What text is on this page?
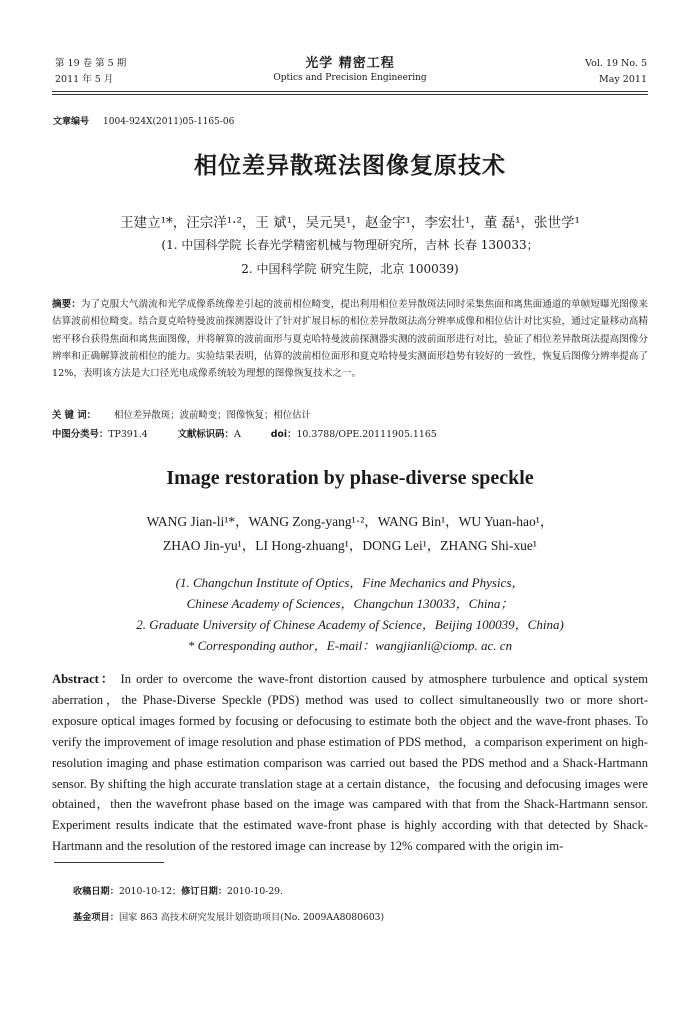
第 19 卷 第 5 期
2011 年 5 月
光学 精密工程
Optics and Precision Engineering
Vol. 19 No. 5
May 2011
文章编号 1004-924X(2011)05-1165-06
相位差异散斑法图像复原技术
王建立¹*，汪宗洋¹·²，王 斌¹，吴元昊¹，赵金宇¹，李宏壮¹，董 磊¹，张世学¹
(1. 中国科学院 长春光学精密机械与物理研究所，吉林 长春 130033；
2. 中国科学院 研究生院，北京 100039)
摘要：为了克服大气湍流和光学成像系统像差引起的波前相位畸变，提出利用相位差异散斑法同时采集焦面和离焦面通道的单帧短曝光图像来估算波前相位畸变。结合夏克哈特曼波前探测器设计了针对扩展目标的相位差异散斑法高分辨率成像和相位估计对比实验，通过定量移动高精密平移台获得焦面和离焦面图像，并将解算的波前面形与夏克哈特曼波前探测器实测的波前面形进行对比，验证了相位差异散斑法提高图像分辨率和正确解算波前相位的能力。实验结果表明，估算的波前相位面形和夏克哈特曼实测面形趋势有较好的一致性，恢复后图像分辨率提高了 12%，表明该方法是大口径光电成像系统较为理想的图像恢复技术之一。
关 键 词： 相位差异散斑；波前畸变；图像恢复；相位估计
中图分类号：TP391.4	文献标识码：A	doi：10.3788/OPE.20111905.1165
Image restoration by phase-diverse speckle
WANG Jian-li¹*，WANG Zong-yang¹·²，WANG Bin¹，WU Yuan-hao¹，
ZHAO Jin-yu¹，LI Hong-zhuang¹，DONG Lei¹，ZHANG Shi-xue¹
(1. Changchun Institute of Optics，Fine Mechanics and Physics，
Chinese Academy of Sciences，Changchun 130033，China；
2. Graduate University of Chinese Academy of Science，Beijing 100039，China)
* Corresponding author，E-mail：wangjianli@ciomp. ac. cn
Abstract： In order to overcome the wave-front distortion caused by atmosphere turbulence and optical system aberration，the Phase-Diverse Speckle (PDS) method was used to collect simultaneouslly two or more short-exposure optical images formed by focusing or defocusing to estimate both the object and the wave-front phases. To verify the improvement of image resolution and phase estimation of PDS method，a comparison experiment on high-resolution imaging and phase estimation comparison was carried out based the PDS method and a Shack-Hartmann sensor. By shifting the high accurate translation stage at a certain distance，the focusing and defocusing images were obtained，then the wavefront phase based on the image was campared with that from the Shack-Hartmann sensor. Experiment results indicate that the estimated wave-front phase is highly according with that detected by Shack-Hartmann and the resolution of the restored image can increase by 12% compared with the origin im-
收稿日期：2010-10-12；修订日期：2010-10-29.
基金项目：国家 863 高技术研究发展计划资助项目(No. 2009AA8080603)
